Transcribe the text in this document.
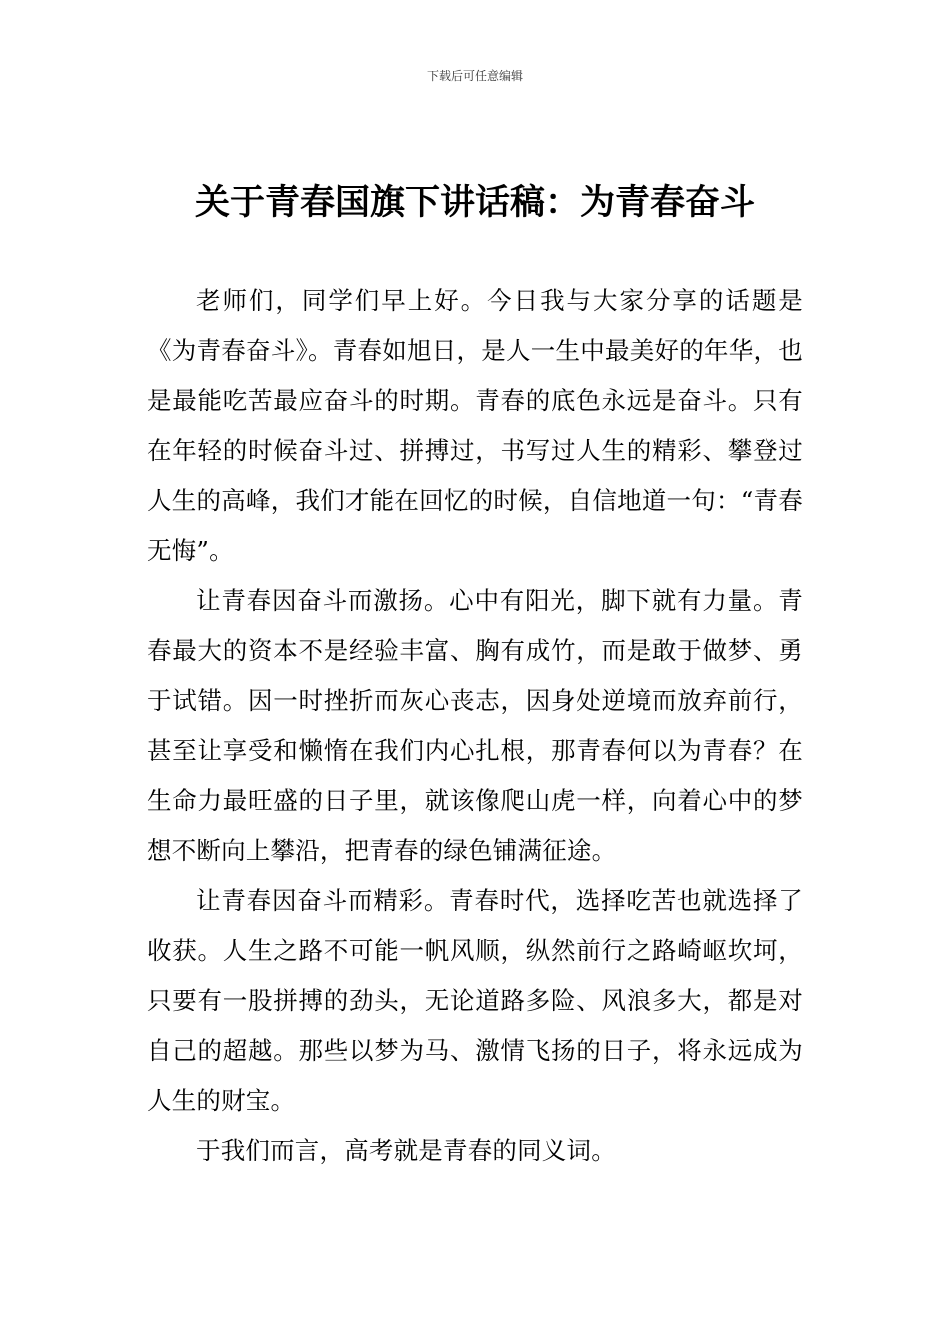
下载后可任意编辑
关于青春国旗下讲话稿：为青春奋斗

老师们，同学们早上好。今日我与大家分享的话题是《为青春奋斗》。青春如旭日，是人一生中最美好的年华，也是最能吃苦最应奋斗的时期。青春的底色永远是奋斗。只有在年轻的时候奋斗过、拼搏过，书写过人生的精彩、攀登过人生的高峰，我们才能在回忆的时候，自信地道一句：“青春无悔”。

让青春因奋斗而激扬。心中有阳光，脚下就有力量。青春最大的资本不是经验丰富、胸有成竹，而是敢于做梦、勇于试错。因一时挫折而灰心丧志，因身处逆境而放弃前行，甚至让享受和懒惰在我们内心扎根，那青春何以为青春？在生命力最旺盛的日子里，就该像爬山虎一样，向着心中的梦想不断向上攀沿，把青春的绿色铺满征途。

让青春因奋斗而精彩。青春时代，选择吃苦也就选择了收获。人生之路不可能一帆风顺，纵然前行之路崎岖坎坷，只要有一股拼搏的劲头，无论道路多险、风浪多大，都是对自己的超越。那些以梦为马、激情飞扬的日子，将永远成为人生的财宝。

于我们而言，高考就是青春的同义词。
